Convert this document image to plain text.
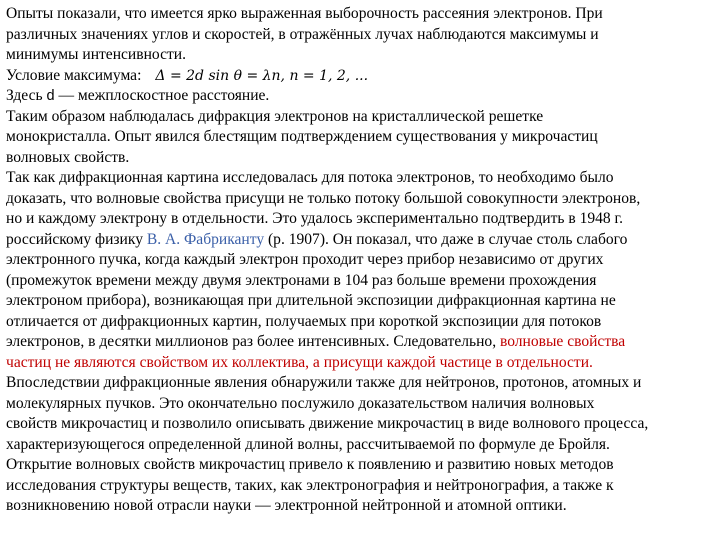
Опыты показали, что имеется ярко выраженная выборочность рассеяния электронов. При
различных значениях углов и скоростей, в отражённых лучах наблюдаются максимумы и
минимумы интенсивности.
Условие максимума: Δ = 2d sin θ = λn, n = 1, 2, ...
Здесь d — межплоскостное расстояние.
Таким образом наблюдалась дифракция электронов на кристаллической решетке
монокристалла. Опыт явился блестящим подтверждением существования у микрочастиц
волновых свойств.
Так как дифракционная картина исследовалась для потока электронов, то необходимо было
доказать, что волновые свойства присущи не только потоку большой совокупности электронов,
но и каждому электрону в отдельности. Это удалось экспериментально подтвердить в 1948 г.
российскому физику В. А. Фабриканту (р. 1907). Он показал, что даже в случае столь слабого
электронного пучка, когда каждый электрон проходит через прибор независимо от других
(промежуток времени между двумя электронами в 104 раз больше времени прохождения
электроном прибора), возникающая при длительной экспозиции дифракционная картина не
отличается от дифракционных картин, получаемых при короткой экспозиции для потоков
электронов, в десятки миллионов раз более интенсивных. Следовательно, волновые свойства
частиц не являются свойством их коллектива, а присущи каждой частице в отдельности.
Впоследствии дифракционные явления обнаружили также для нейтронов, протонов, атомных и
молекулярных пучков. Это окончательно послужило доказательством наличия волновых
свойств микрочастиц и позволило описывать движение микрочастиц в виде волнового процесса,
характеризующегося определенной длиной волны, рассчитываемой по формуле де Бройля.
Открытие волновых свойств микрочастиц привело к появлению и развитию новых методов
исследования структуры веществ, таких, как электронография и нейтронография, а также к
возникновению новой отрасли науки — электронной нейтронной и атомной оптики.
